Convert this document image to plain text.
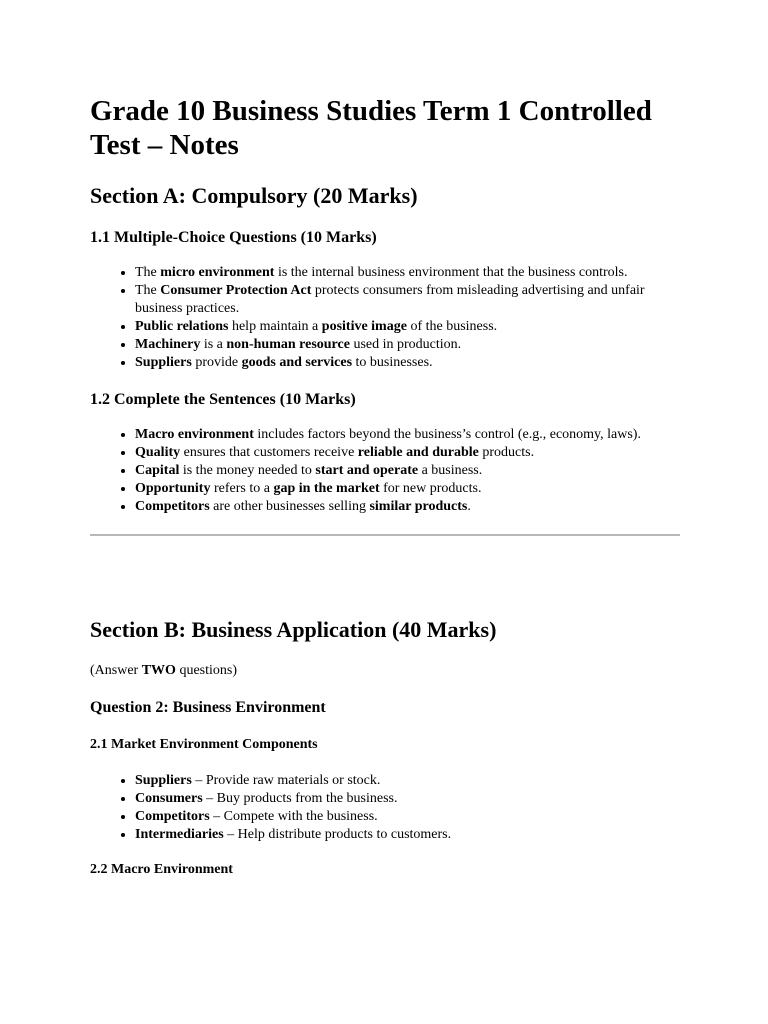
Grade 10 Business Studies Term 1 Controlled Test – Notes
Section A: Compulsory (20 Marks)
1.1 Multiple-Choice Questions (10 Marks)
• The micro environment is the internal business environment that the business controls.
• The Consumer Protection Act protects consumers from misleading advertising and unfair business practices.
• Public relations help maintain a positive image of the business.
• Machinery is a non-human resource used in production.
• Suppliers provide goods and services to businesses.
1.2 Complete the Sentences (10 Marks)
• Macro environment includes factors beyond the business’s control (e.g., economy, laws).
• Quality ensures that customers receive reliable and durable products.
• Capital is the money needed to start and operate a business.
• Opportunity refers to a gap in the market for new products.
• Competitors are other businesses selling similar products.
Section B: Business Application (40 Marks)
(Answer TWO questions)
Question 2: Business Environment
2.1 Market Environment Components
• Suppliers – Provide raw materials or stock.
• Consumers – Buy products from the business.
• Competitors – Compete with the business.
• Intermediaries – Help distribute products to customers.
2.2 Macro Environment
